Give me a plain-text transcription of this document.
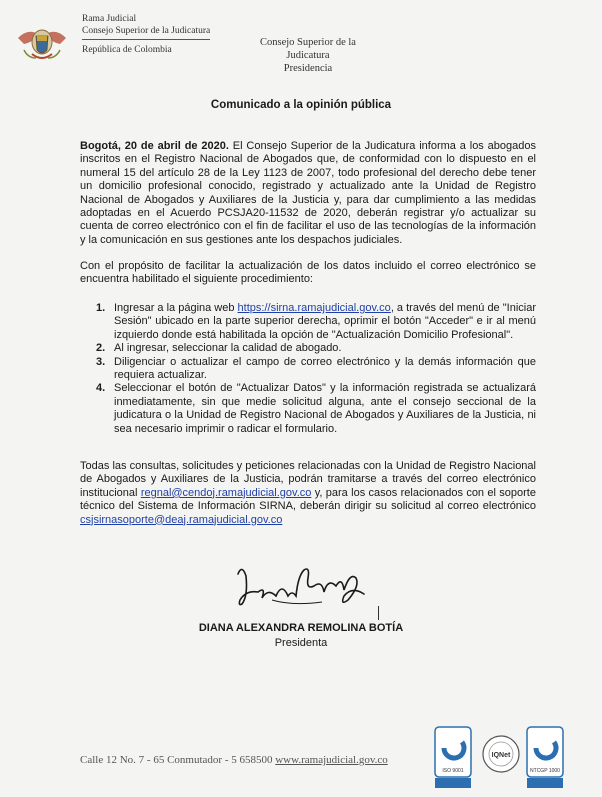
Rama Judicial
Consejo Superior de la Judicatura
República de Colombia
Consejo Superior de la Judicatura
Presidencia
Comunicado a la opinión pública
Bogotá, 20 de abril de 2020. El Consejo Superior de la Judicatura informa a los abogados inscritos en el Registro Nacional de Abogados que, de conformidad con lo dispuesto en el numeral 15 del artículo 28 de la Ley 1123 de 2007, todo profesional del derecho debe tener un domicilio profesional conocido, registrado y actualizado ante la Unidad de Registro Nacional de Abogados y Auxiliares de la Justicia y, para dar cumplimiento a las medidas adoptadas en el Acuerdo PCSJA20-11532 de 2020, deberán registrar y/o actualizar su cuenta de correo electrónico con el fin de facilitar el uso de las tecnologías de la información y la comunicación en sus gestiones ante los despachos judiciales.
Con el propósito de facilitar la actualización de los datos incluido el correo electrónico se encuentra habilitado el siguiente procedimiento:
1. Ingresar a la página web https://sirna.ramajudicial.gov.co, a través del menú de "Iniciar Sesión" ubicado en la parte superior derecha, oprimir el botón "Acceder" e ir al menú izquierdo donde está habilitada la opción de "Actualización Domicilio Profesional".
2. Al ingresar, seleccionar la calidad de abogado.
3. Diligenciar o actualizar el campo de correo electrónico y la demás información que requiera actualizar.
4. Seleccionar el botón de "Actualizar Datos" y la información registrada se actualizará inmediatamente, sin que medie solicitud alguna, ante el consejo seccional de la judicatura o la Unidad de Registro Nacional de Abogados y Auxiliares de la Justicia, ni sea necesario imprimir o radicar el formulario.
Todas las consultas, solicitudes y peticiones relacionadas con la Unidad de Registro Nacional de Abogados y Auxiliares de la Justicia, podrán tramitarse a través del correo electrónico institucional regnal@cendoj.ramajudicial.gov.co y, para los casos relacionados con el soporte técnico del Sistema de Información SIRNA, deberán dirigir su solicitud al correo electrónico csjsirnasoporte@deaj.ramajudicial.gov.co
DIANA ALEXANDRA REMOLINA BOTÍA
Presidenta
Calle 12 No. 7 - 65 Conmutador - 5 658500 www.ramajudicial.gov.co
ISO 9001
IQNet
NTCGP 1000
